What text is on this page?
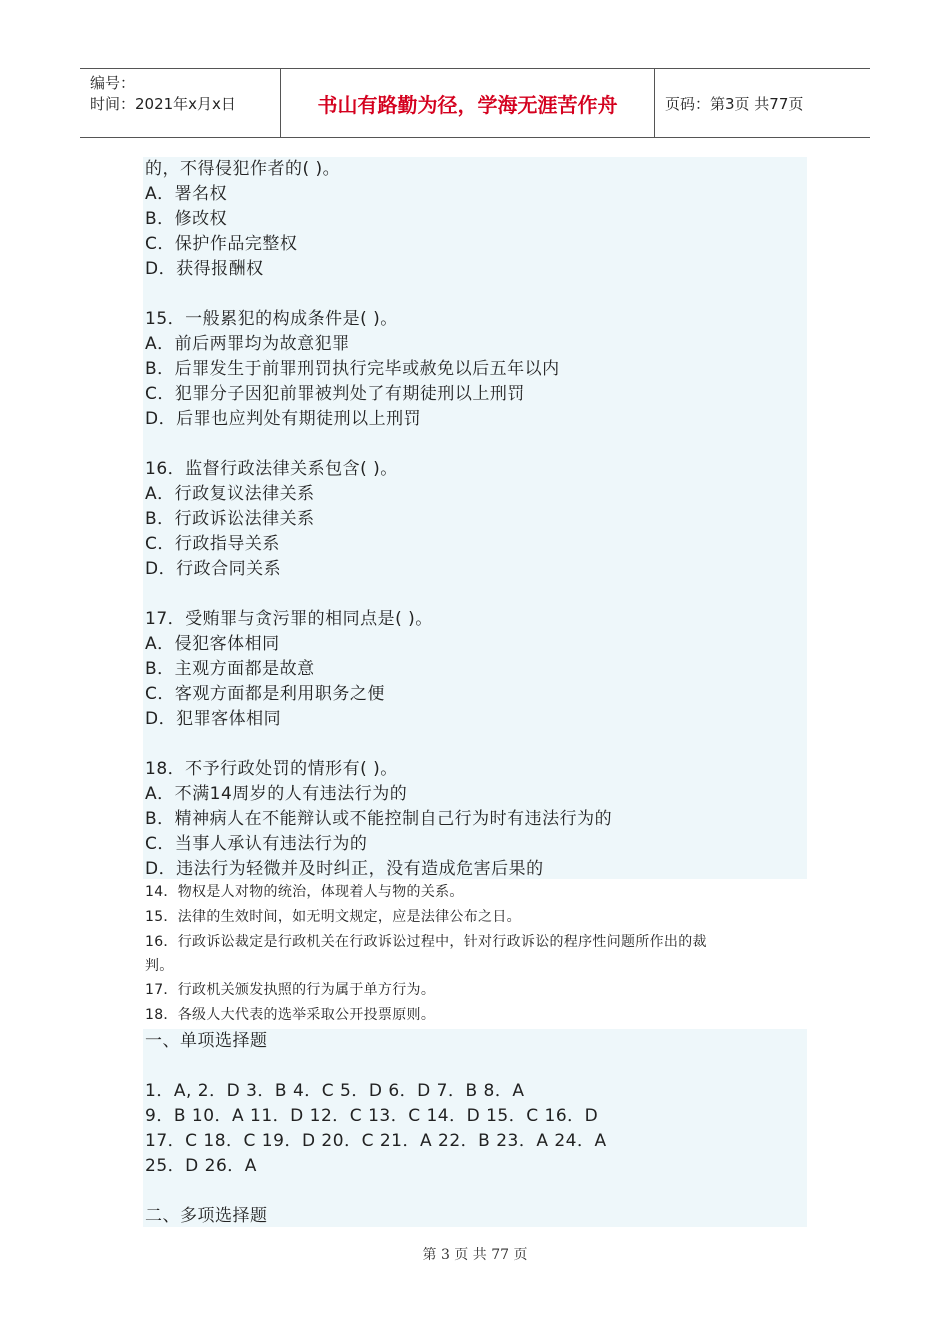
编号：
时间：2021年x月x日	书山有路勤为径，学海无涯苦作舟	页码：第3页 共77页
的，不得侵犯作者的( )。
A．署名权
B．修改权
C．保护作品完整权
D．获得报酬权
15．一般累犯的构成条件是( )。
A．前后两罪均为故意犯罪
B．后罪发生于前罪刑罚执行完毕或赦免以后五年以内
C．犯罪分子因犯前罪被判处了有期徒刑以上刑罚
D．后罪也应判处有期徒刑以上刑罚
16．监督行政法律关系包含( )。
A．行政复议法律关系
B．行政诉讼法律关系
C．行政指导关系
D．行政合同关系
17．受贿罪与贪污罪的相同点是( )。
A．侵犯客体相同
B．主观方面都是故意
C．客观方面都是利用职务之便
D．犯罪客体相同
18．不予行政处罚的情形有( )。
A．不满14周岁的人有违法行为的
B．精神病人在不能辩认或不能控制自己行为时有违法行为的
C．当事人承认有违法行为的
D．违法行为轻微并及时纠正，没有造成危害后果的
14．物权是人对物的统治，体现着人与物的关系。
15．法律的生效时间，如无明文规定，应是法律公布之日。
16．行政诉讼裁定是行政机关在行政诉讼过程中，针对行政诉讼的程序性问题所作出的裁
判。
17．行政机关颁发执照的行为属于单方行为。
18．各级人大代表的选举采取公开投票原则。
一、单项选择题
1．A, 2．D 3．B 4．C 5．D 6．D 7．B 8．A
9．B 10．A 11．D 12．C 13．C 14．D 15．C 16．D
17．C 18．C 19．D 20．C 21．A 22．B 23．A 24．A
25．D 26．A
二、多项选择题
第 3 页 共 77 页
